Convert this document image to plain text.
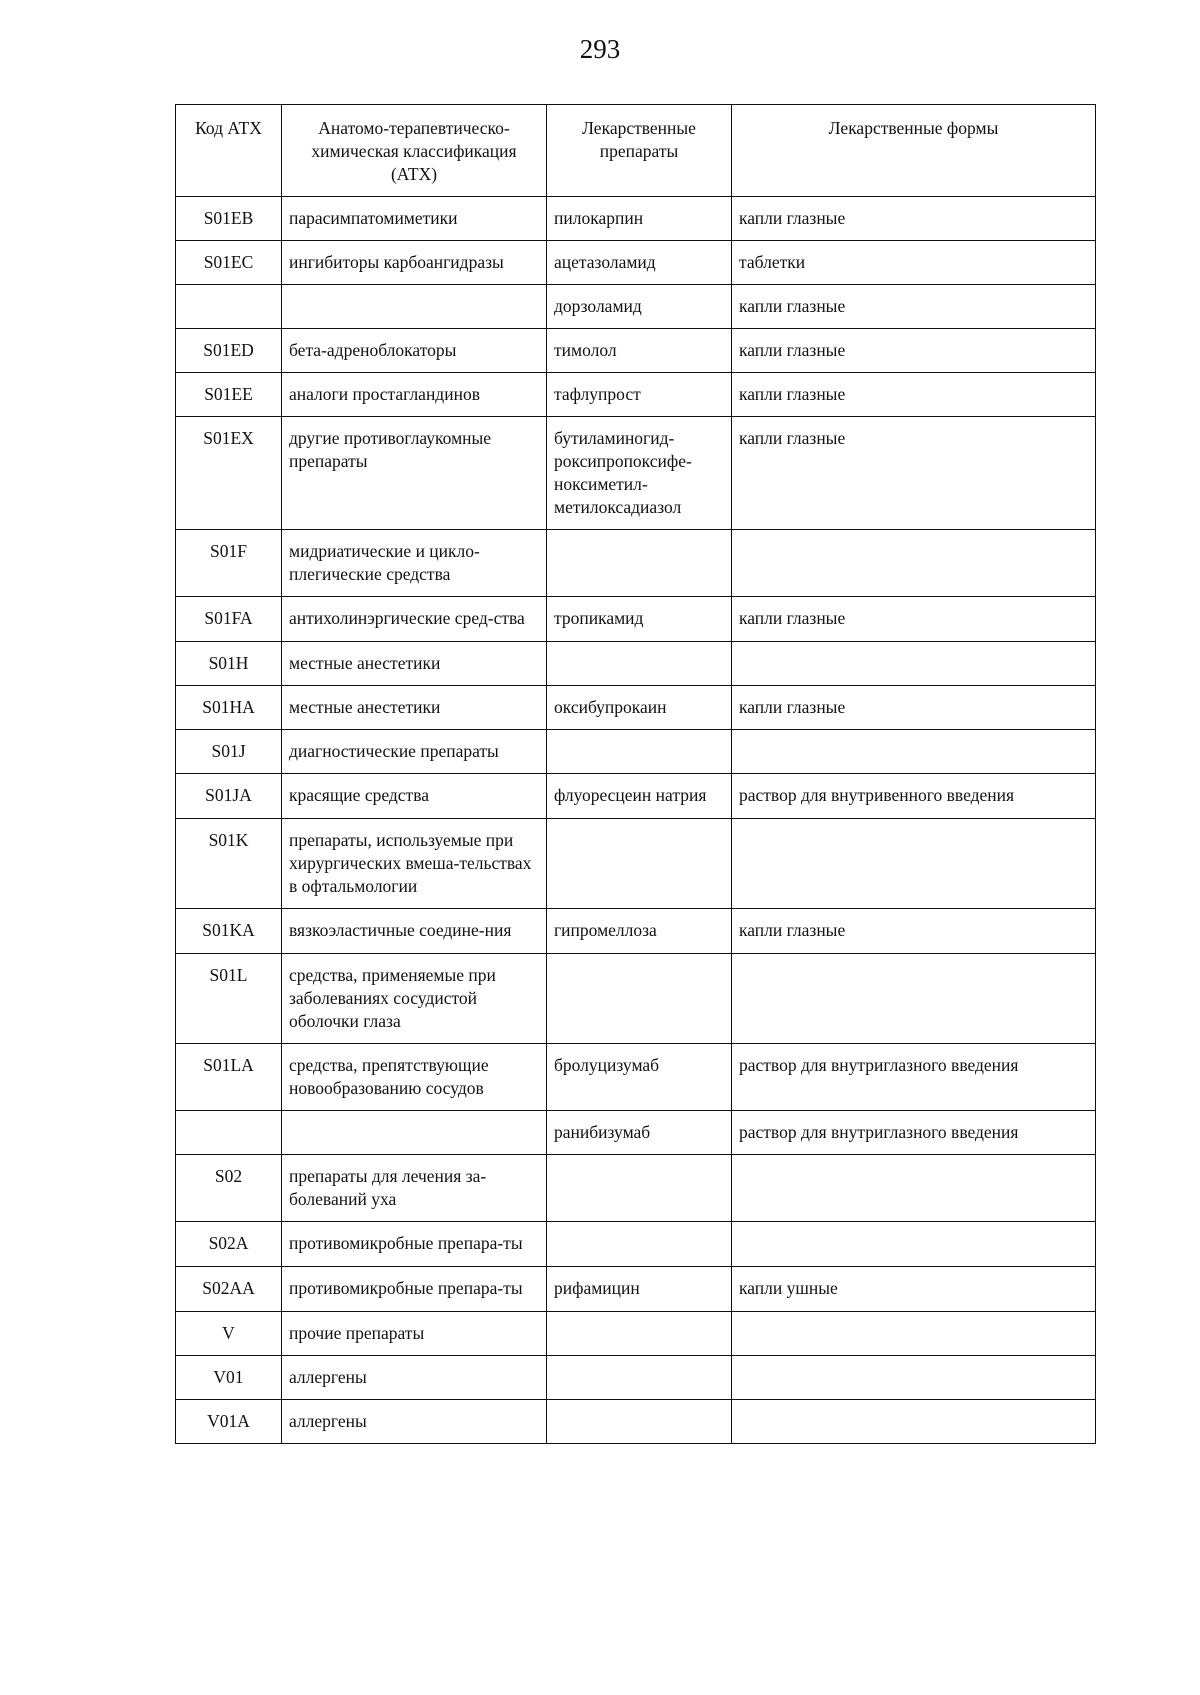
293
Код АТХ	Анатомо-терапевтическо-химическая классификация (АТХ)	Лекарственные препараты	Лекарственные формы
S01EB	парасимпатомиметики	пилокарпин	капли глазные
S01EC	ингибиторы карбоангидразы	ацетазоламид	таблетки
		дорзоламид	капли глазные
S01ED	бета-адреноблокаторы	тимолол	капли глазные
S01EE	аналоги простагландинов	тафлупрост	капли глазные
S01EX	другие противоглаукомные препараты	бутиламиногид-роксипропоксифе-ноксиметил-метилоксадиазол	капли глазные
S01F	мидриатические и цикло-плегические средства		
S01FA	антихолинэргические сред-ства	тропикамид	капли глазные
S01H	местные анестетики		
S01HA	местные анестетики	оксибупрокаин	капли глазные
S01J	диагностические препараты		
S01JA	красящие средства	флуоресцеин натрия	раствор для внутривенного введения
S01K	препараты, используемые при хирургических вмеша-тельствах в офтальмологии		
S01KA	вязкоэластичные соедине-ния	гипромеллоза	капли глазные
S01L	средства, применяемые при заболеваниях сосудистой оболочки глаза		
S01LA	средства, препятствующие новообразованию сосудов	бролуцизумаб	раствор для внутриглазного введения
		ранибизумаб	раствор для внутриглазного введения
S02	препараты для лечения за-болеваний уха		
S02A	противомикробные препара-ты		
S02AA	противомикробные препара-ты	рифамицин	капли ушные
V	прочие препараты		
V01	аллергены		
V01A	аллергены		
